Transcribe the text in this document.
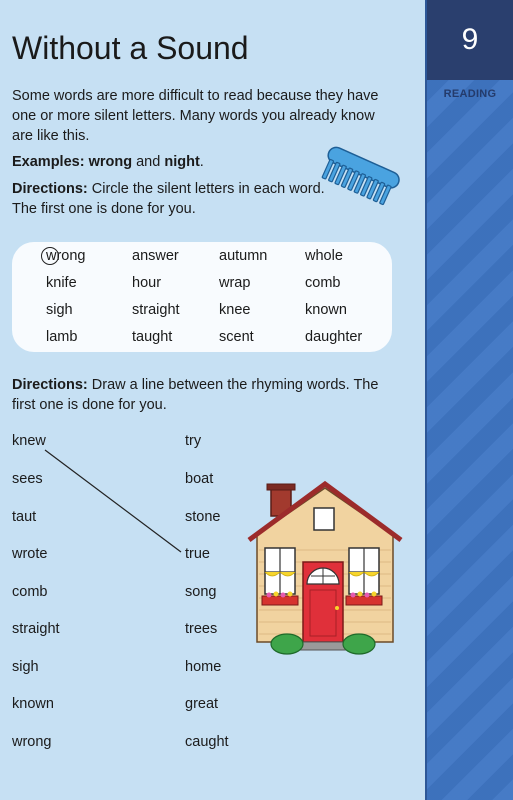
9
READING
Without a Sound
Some words are more difficult to read because they have
one or more silent letters. Many words you already know
are like this.
Examples: wrong and night.
Directions: Circle the silent letters in each word.
The first one is done for you.
wrong	answer	autumn	whole
knife	hour	wrap	comb
sigh	straight	knee	known
lamb	taught	scent	daughter
Directions: Draw a line between the rhyming words. The
first one is done for you.
knew
sees
taut
wrote
comb
straight
sigh
known
wrong
try
boat
stone
true
song
trees
home
great
caught
